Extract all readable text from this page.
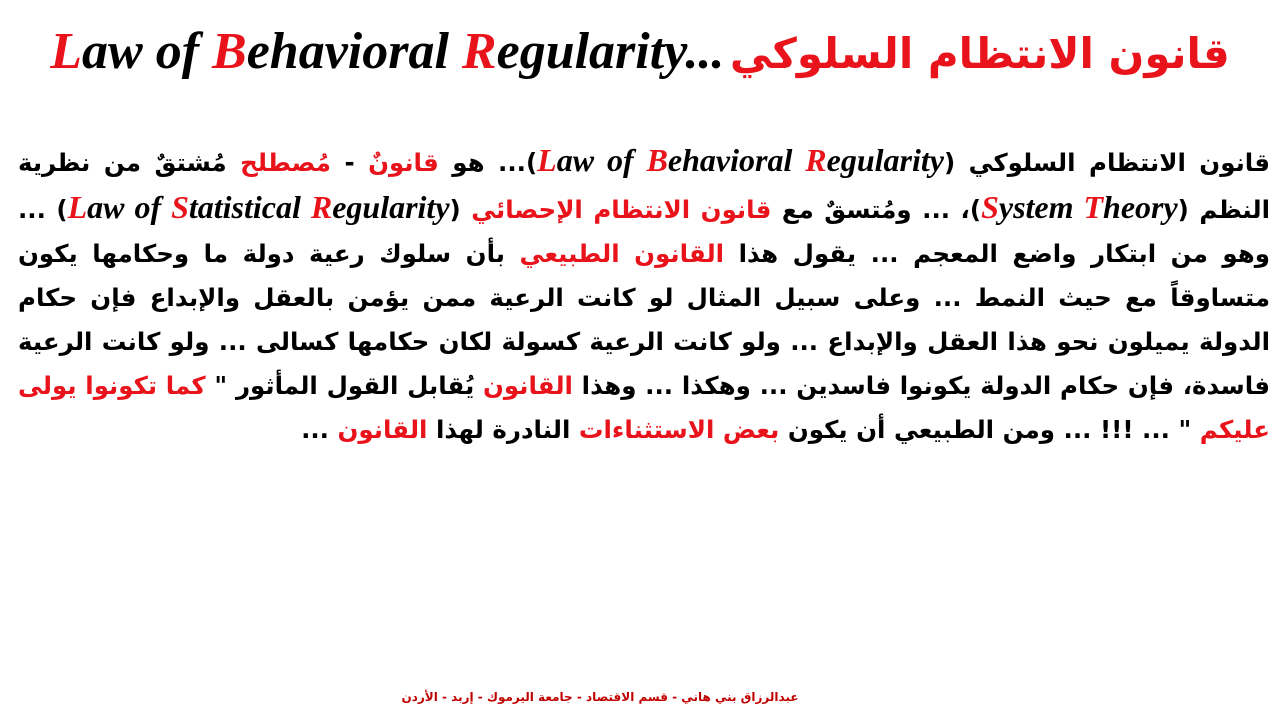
Law of Behavioral Regularity... قانون الانتظام السلوكي
قانون الانتظام السلوكي (Law of Behavioral Regularity)... هو قانونٌ - مُصطلح مُشتقٌ من نظرية النظم (System Theory)، ... ومُتسقٌ مع قانون الانتظام الإحصائي (Law of Statistical Regularity) ... وهو من ابتكار واضع المعجم ... يقول هذا القانون الطبيعي بأن سلوك رعية دولة ما وحكامها يكون متساوقاً مع حيث النمط ... وعلى سبيل المثال لو كانت الرعية ممن يؤمن بالعقل والإبداع فإن حكام الدولة يميلون نحو هذا العقل والإبداع ... ولو كانت الرعية كسولة لكان حكامها كسالى ... ولو كانت الرعية فاسدة، فإن حكام الدولة يكونوا فاسدين ... وهكذا ... وهذا القانون يُقابل القول المأثور " كما تكونوا يولى عليكم " ... !!! ... ومن الطبيعي أن يكون بعض الاستثناءات النادرة لهذا القانون ...
عبدالرزاق بني هاني - قسم الاقتصاد - جامعة اليرموك - إربد - الأردن
